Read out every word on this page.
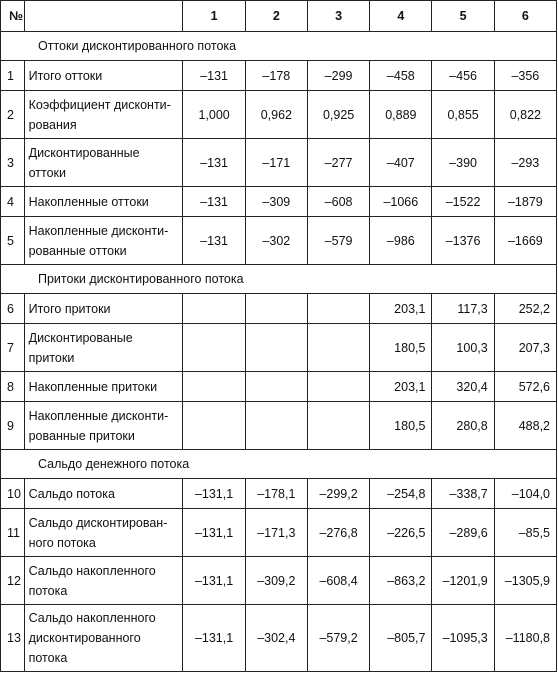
№		1	2	3	4	5	6
Оттоки дисконтированного потока							
1	Итого оттоки	–131	–178	–299	–458	–456	–356
2	Коэффициент дисконти-
рования	1,000	0,962	0,925	0,889	0,855	0,822
3	Дисконтированные
оттоки	–131	–171	–277	–407	–390	–293
4	Накопленные оттоки	–131	–309	–608	–1066	–1522	–1879
5	Накопленные дисконти-
рованные оттоки	–131	–302	–579	–986	–1376	–1669
Притоки дисконтированного потока							
6	Итого притоки				203,1	117,3	252,2
7	Дисконтированые
притоки				180,5	100,3	207,3
8	Накопленные притоки				203,1	320,4	572,6
9	Накопленные дисконти-
рованные притоки				180,5	280,8	488,2
Сальдо денежного потока							
10	Сальдо потока	–131,1	–178,1	–299,2	–254,8	–338,7	–104,0
11	Сальдо дисконтирован-
ного потока	–131,1	–171,3	–276,8	–226,5	–289,6	–85,5
12	Сальдо накопленного
потока	–131,1	–309,2	–608,4	–863,2	–1201,9	–1305,9
13	Сальдо накопленного
дисконтированного
потока	–131,1	–302,4	–579,2	–805,7	–1095,3	–1180,8
